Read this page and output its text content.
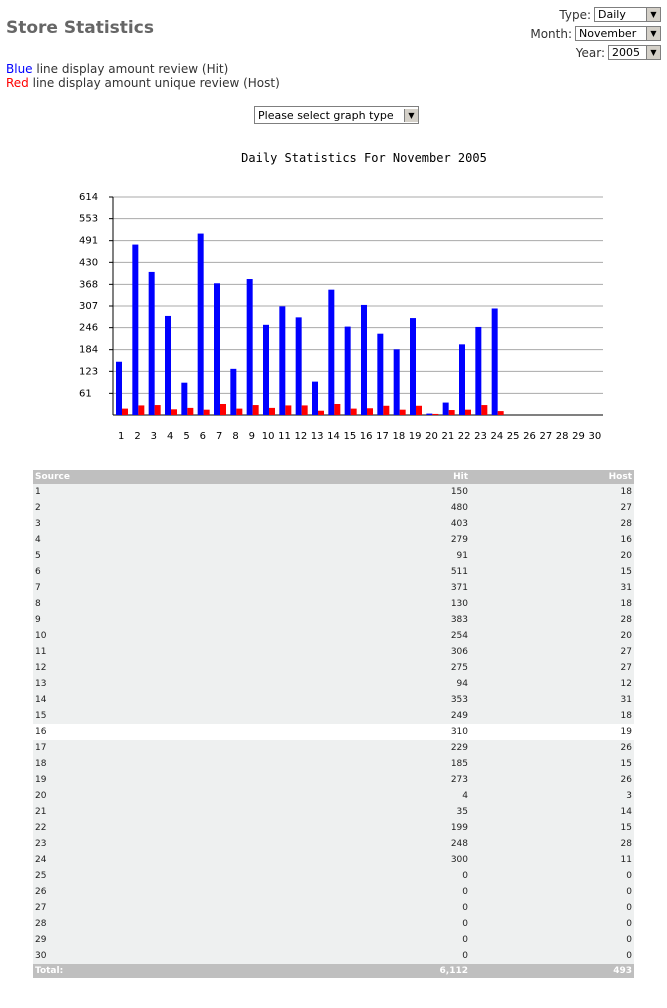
Store Statistics
Type: Daily	▼
Month: November	▼
Year: 2005	▼
Blue line display amount review (Hit)
Red line display amount unique review (Host)
Please select graph type	▼
Daily Statistics For November 2005
61
123
184
246
307
368
430
491
553
614
1 2 3 4 5 6 7 8 9 10 11 12 13 14 15 16 17 18 19 20 21 22 23 24 25 26 27 28 29 30
Source	Hit	Host
1	150	18
2	480	27
3	403	28
4	279	16
5	91	20
6	511	15
7	371	31
8	130	18
9	383	28
10	254	20
11	306	27
12	275	27
13	94	12
14	353	31
15	249	18
16	310	19
17	229	26
18	185	15
19	273	26
20	4	3
21	35	14
22	199	15
23	248	28
24	300	11
25	0	0
26	0	0
27	0	0
28	0	0
29	0	0
30	0	0
Total:	6,112	493
